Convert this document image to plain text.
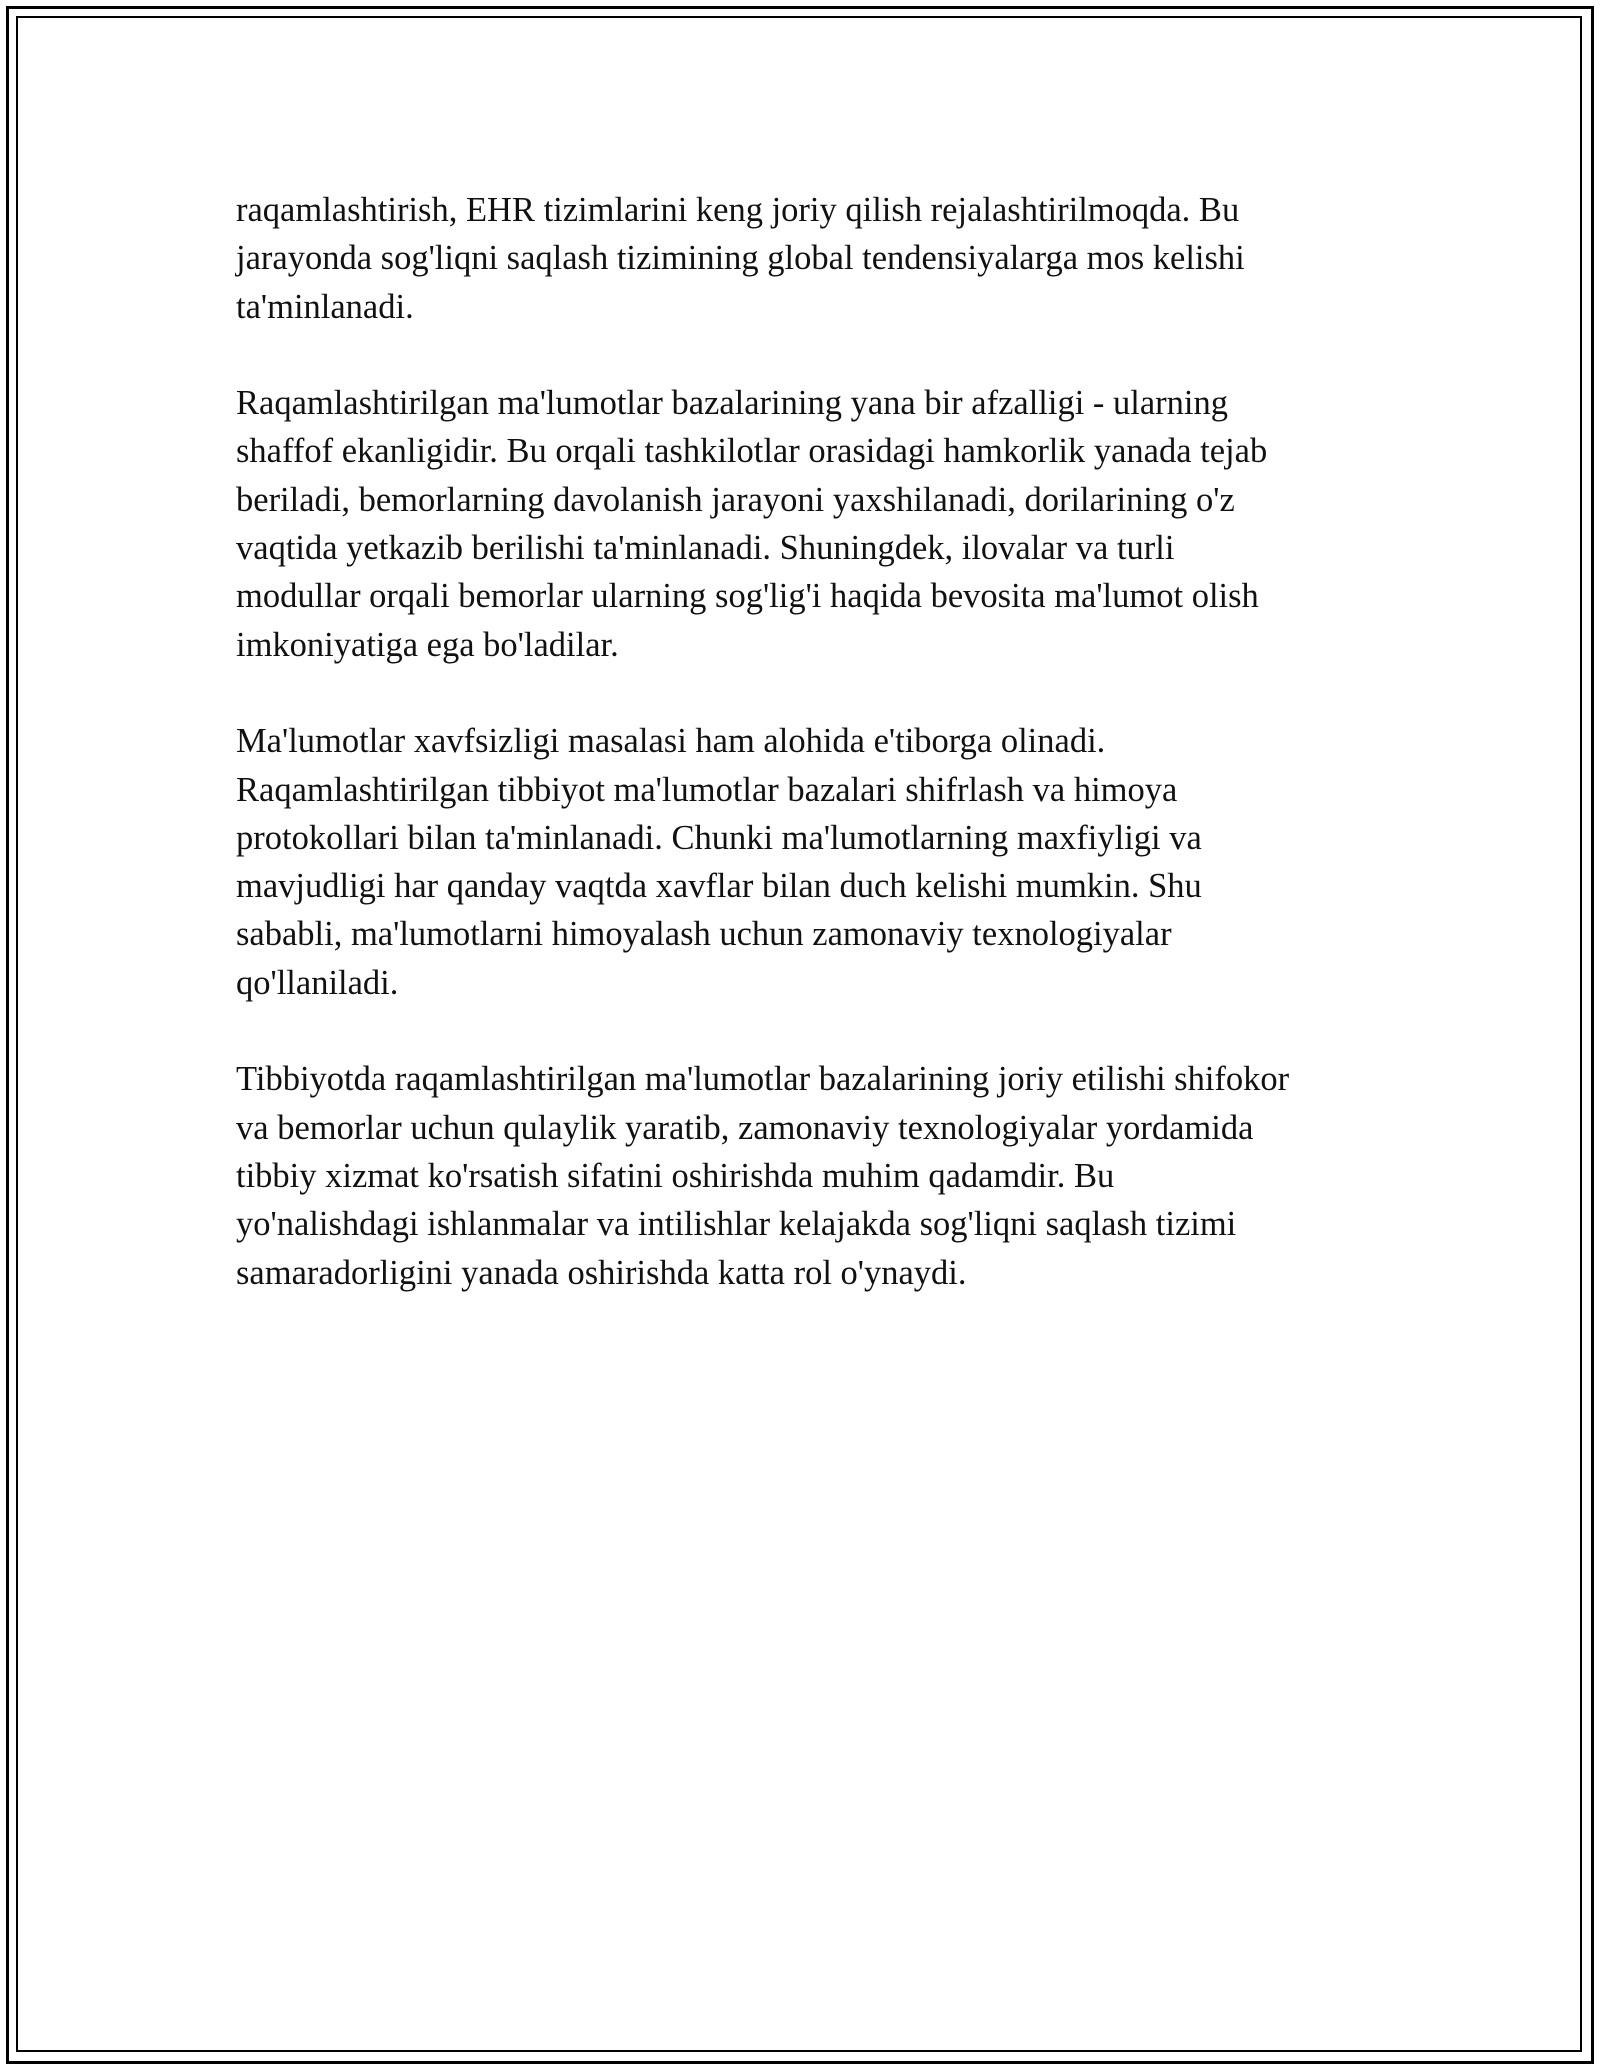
raqamlashtirish, EHR tizimlarini keng joriy qilish rejalashtirilmoqda. Bu
jarayonda sog'liqni saqlash tizimining global tendensiyalarga mos kelishi
ta'minlanadi.

Raqamlashtirilgan ma'lumotlar bazalarining yana bir afzalligi - ularning
shaffof ekanligidir. Bu orqali tashkilotlar orasidagi hamkorlik yanada tejab
beriladi, bemorlarning davolanish jarayoni yaxshilanadi, dorilarining o'z
vaqtida yetkazib berilishi ta'minlanadi. Shuningdek, ilovalar va turli
modullar orqali bemorlar ularning sog'lig'i haqida bevosita ma'lumot olish
imkoniyatiga ega bo'ladilar.

Ma'lumotlar xavfsizligi masalasi ham alohida e'tiborga olinadi.
Raqamlashtirilgan tibbiyot ma'lumotlar bazalari shifrlash va himoya
protokollari bilan ta'minlanadi. Chunki ma'lumotlarning maxfiyligi va
mavjudligi har qanday vaqtda xavflar bilan duch kelishi mumkin. Shu
sababli, ma'lumotlarni himoyalash uchun zamonaviy texnologiyalar
qo'llaniladi.

Tibbiyotda raqamlashtirilgan ma'lumotlar bazalarining joriy etilishi shifokor
va bemorlar uchun qulaylik yaratib, zamonaviy texnologiyalar yordamida
tibbiy xizmat ko'rsatish sifatini oshirishda muhim qadamdir. Bu
yo'nalishdagi ishlanmalar va intilishlar kelajakda sog'liqni saqlash tizimi
samaradorligini yanada oshirishda katta rol o'ynaydi.
